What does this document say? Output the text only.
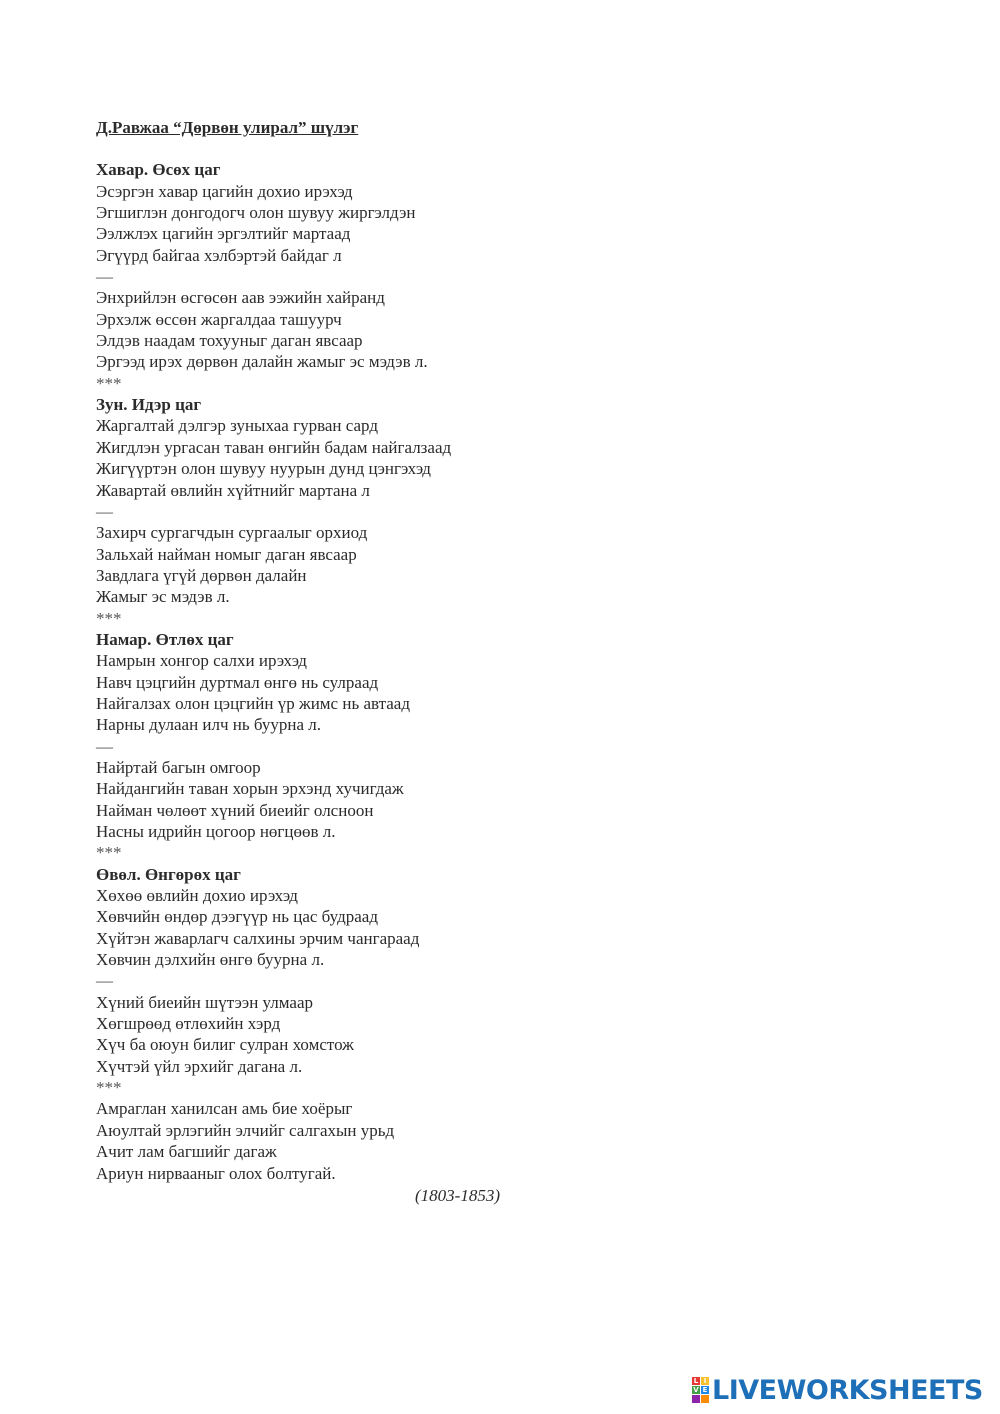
Д.Равжаа “Дөрвөн улирал” шүлэг
Хавар. Өсөх цаг
Эсэргэн хавар цагийн дохио ирэхэд
Эгшиглэн донгодогч олон шувуу жиргэлдэн
Ээлжлэх цагийн эргэлтийг мартаад
Эгүүрд байгаа хэлбэртэй байдаг л
—
Энхрийлэн өсгөсөн аав ээжийн хайранд
Эрхэлж өссөн жаргалдаа ташуурч
Элдэв наадам тохууныг даган явсаар
Эргээд ирэх дөрвөн далайн жамыг эс мэдэв л.
***
Зун. Идэр цаг
Жаргалтай дэлгэр зуныхаа гурван сард
Жигдлэн ургасан таван өнгийн бадам найгалзаад
Жигүүртэн олон шувуу нуурын дунд цэнгэхэд
Жавартай өвлийн хүйтнийг мартана л
—
Захирч сургагчдын сургаалыг орхиод
Зальхай найман номыг даган явсаар
Завдлага үгүй дөрвөн далайн
Жамыг эс мэдэв л.
***
Намар. Өтлөх цаг
Намрын хонгор салхи ирэхэд
Навч цэцгийн дуртмал өнгө нь сулраад
Найгалзах олон цэцгийн үр жимс нь автаад
Нарны дулаан илч нь буурна л.
—
Найртай багын омгоор
Найдангийн таван хорын эрхэнд хучигдаж
Найман чөлөөт хүний биеийг олсноон
Насны идрийн цогоор нөгцөөв л.
***
Өвөл. Өнгөрөх цаг
Хөхөө өвлийн дохио ирэхэд
Хөвчийн өндөр дээгүүр нь цас будраад
Хүйтэн жаварлагч салхины эрчим чангараад
Хөвчин дэлхийн өнгө буурна л.
—
Хүний биеийн шүтээн улмаар
Хөгшрөөд өтлөхийн хэрд
Хүч ба оюун билиг сулран хомстож
Хүчтэй үйл эрхийг дагана л.
***
Амраглан ханилсан амь бие хоёрыг
Аюултай эрлэгийн элчийг салгахын урьд
Ачит лам багшийг дагаж
Ариун нирвааныг олох болтугай.
(1803-1853)
L I
V E LIVEWORKSHEETS
